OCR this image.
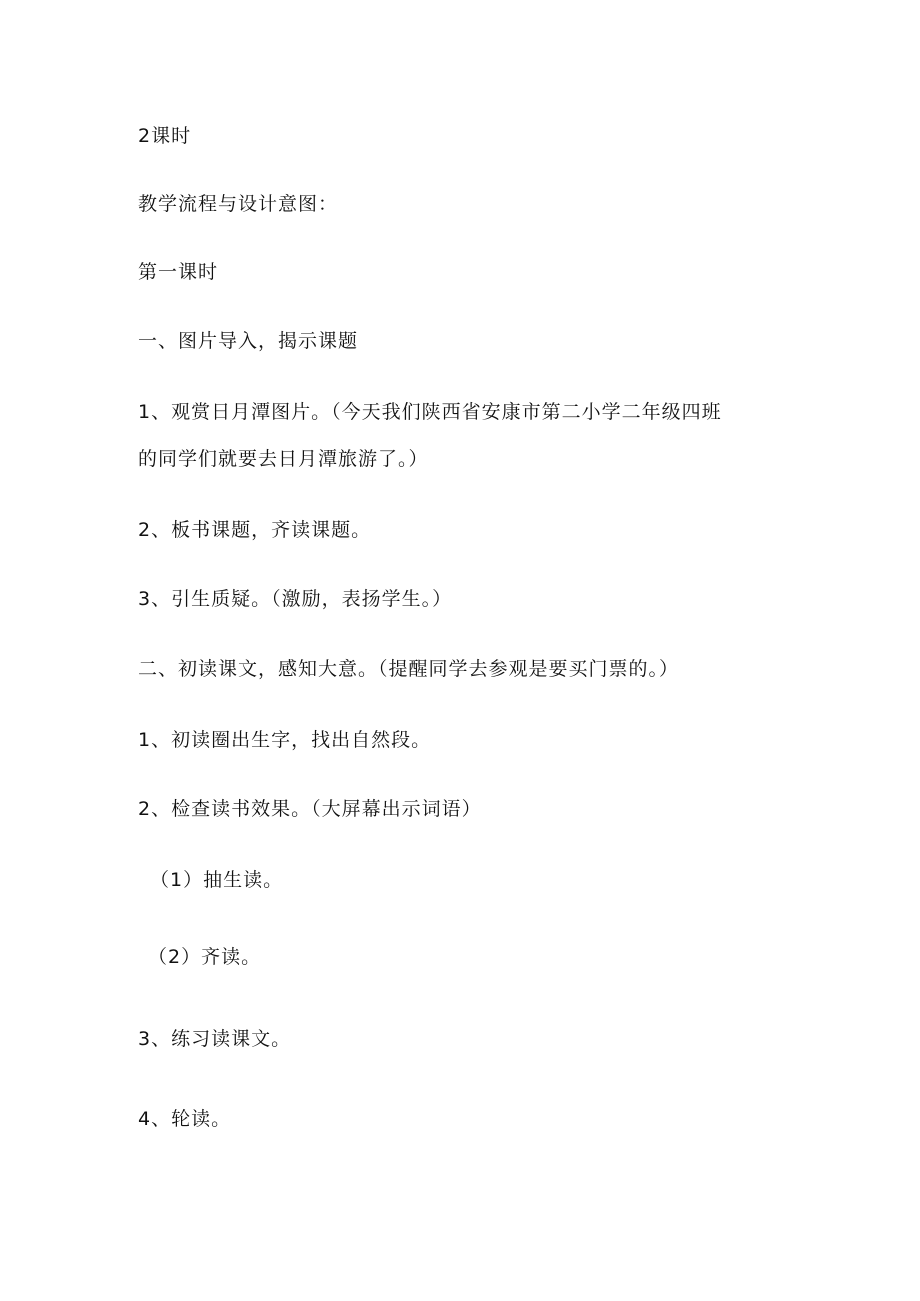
2课时
教学流程与设计意图：
第一课时
一、图片导入，揭示课题
1、观赏日月潭图片。（今天我们陕西省安康市第二小学二年级四班
的同学们就要去日月潭旅游了。）
2、板书课题，齐读课题。
3、引生质疑。（激励，表扬学生。）
二、初读课文，感知大意。（提醒同学去参观是要买门票的。）
1、初读圈出生字，找出自然段。
2、检查读书效果。（大屏幕出示词语）
（1）抽生读。
（2）齐读。
3、练习读课文。
4、轮读。
